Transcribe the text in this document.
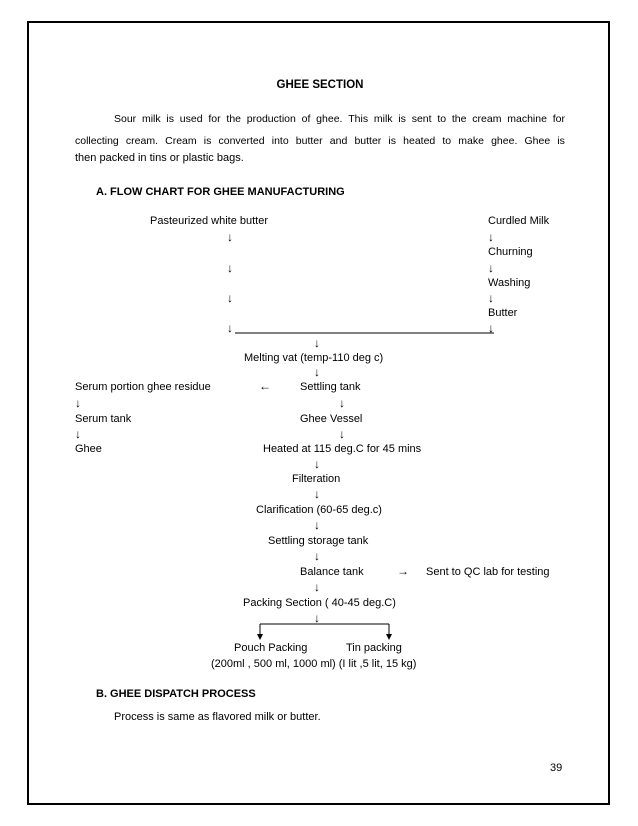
GHEE SECTION
Sour milk is used for the production of ghee. This milk is sent to the cream machine for
collecting cream. Cream is converted into butter and butter is heated to make ghee. Ghee is
then packed in tins or plastic bags.
A. FLOW CHART FOR GHEE MANUFACTURING
Pasteurized white butter	Curdled Milk
↓	↓
Churning
↓	↓
Washing
↓	↓
Butter
↓	↓
↓
Melting vat (temp-110 deg c)
↓
Serum portion ghee residue	←	Settling tank
↓	↓
Serum tank	Ghee Vessel
↓	↓
Ghee	Heated at 115 deg.C for 45 mins
↓
Filteration
↓
Clarification (60-65 deg.c)
↓
Settling storage tank
↓
Balance tank	→ Sent to QC lab for testing
↓
Packing Section ( 40-45 deg.C)
↓
Pouch Packing	Tin packing
(200ml , 500 ml, 1000 ml) (I lit ,5 lit, 15 kg)
B. GHEE DISPATCH PROCESS
Process is same as flavored milk or butter.
39
